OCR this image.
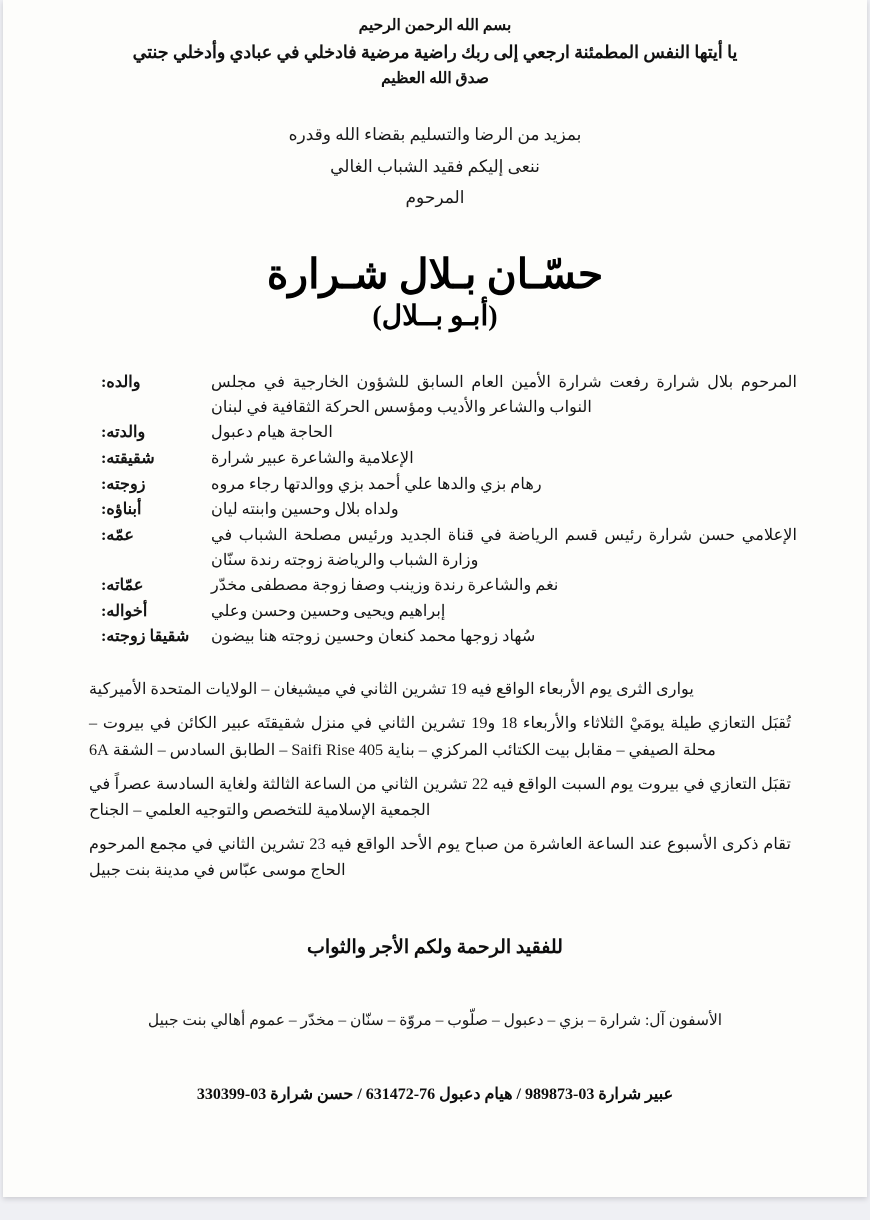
بسم الله الرحمن الرحيم
يا أيتها النفس المطمئنة ارجعي إلى ربك راضية مرضية فادخلي في عبادي وأدخلي جنتي
صدق الله العظيم
بمزيد من الرضا والتسليم بقضاء الله وقدره
ننعى إليكم فقيد الشباب الغالي
المرحوم
حسّـان بـلال شـرارة
(أبـو بــلال)
المرحوم بلال شرارة رفعت شرارة الأمين العام السابق للشؤون الخارجية في مجلس النواب والشاعر والأديب ومؤسس الحركة الثقافية في لبنان	والده:
الحاجة هيام دعبول	والدته:
الإعلامية والشاعرة عبير شرارة	شقيقته:
رهام بزي والدها علي أحمد بزي ووالدتها رجاء مروه	زوجته:
ولداه بلال وحسين وابنته ليان	أبناؤه:
الإعلامي حسن شرارة رئيس قسم الرياضة في قناة الجديد ورئيس مصلحة الشباب في وزارة الشباب والرياضة زوجته رندة سنّان	عمّه:
نغم والشاعرة رندة وزينب وصفا زوجة مصطفى مخدّر	عمّاته:
إبراهيم ويحيى وحسين وحسن وعلي	أخواله:
سُهاد زوجها محمد كنعان وحسين زوجته هنا بيضون	شقيقا زوجته:
يوارى الثرى يوم الأربعاء الواقع فيه 19 تشرين الثاني في ميشيغان – الولايات المتحدة الأميركية
تُقبَل التعازي طيلة يومَيْ الثلاثاء والأربعاء 18 و19 تشرين الثاني في منزل شقيقتَه عبير الكائن في بيروت – محلة الصيفي – مقابل بيت الكتائب المركزي – بناية Saifi Rise 405 – الطابق السادس – الشقة 6A
تقبَل التعازي في بيروت يوم السبت الواقع فيه 22 تشرين الثاني من الساعة الثالثة ولغاية السادسة عصراً في الجمعية الإسلامية للتخصص والتوجيه العلمي – الجناح
تقام ذكرى الأسبوع عند الساعة العاشرة من صباح يوم الأحد الواقع فيه 23 تشرين الثاني في مجمع المرحوم الحاج موسى عبّاس في مدينة بنت جبيل
للفقيد الرحمة ولكم الأجر والثواب
الأسفون آل: شرارة – بزي – دعبول – صلّوب – مروّة – سنّان – مخدّر – عموم أهالي بنت جبيل
عبير شرارة 03-989873 / هيام دعبول 76-631472 / حسن شرارة 03-330399
